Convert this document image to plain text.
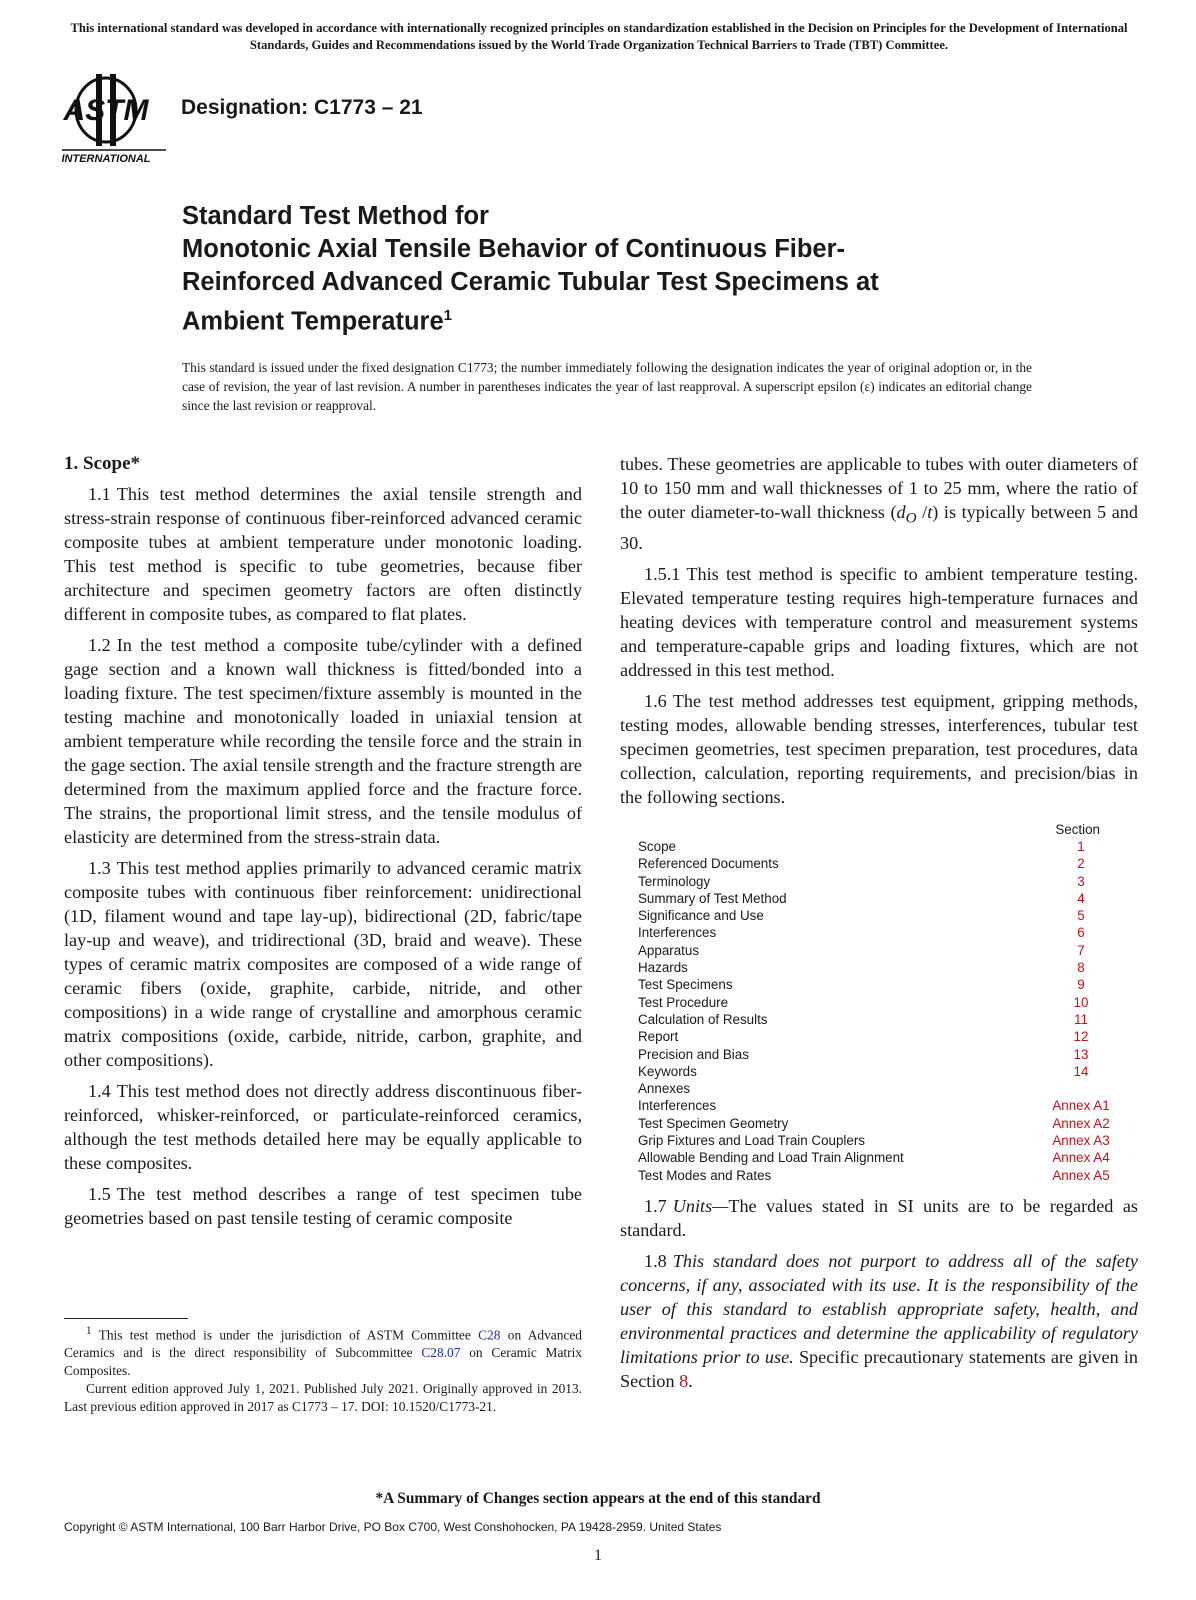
This international standard was developed in accordance with internationally recognized principles on standardization established in the Decision on Principles for the Development of International Standards, Guides and Recommendations issued by the World Trade Organization Technical Barriers to Trade (TBT) Committee.
ASTM
INTERNATIONAL
Designation: C1773 – 21
Standard Test Method for
Monotonic Axial Tensile Behavior of Continuous Fiber-
Reinforced Advanced Ceramic Tubular Test Specimens at
Ambient Temperature$^1$
This standard is issued under the fixed designation C1773; the number immediately following the designation indicates the year of original adoption or, in the case of revision, the year of last revision. A number in parentheses indicates the year of last reapproval. A superscript epsilon (ε) indicates an editorial change since the last revision or reapproval.
1. Scope*

1.1 This test method determines the axial tensile strength and stress-strain response of continuous fiber-reinforced advanced ceramic composite tubes at ambient temperature under monotonic loading. This test method is specific to tube geometries, because fiber architecture and specimen geometry factors are often distinctly different in composite tubes, as compared to flat plates.

1.2 In the test method a composite tube/cylinder with a defined gage section and a known wall thickness is fitted/bonded into a loading fixture. The test specimen/fixture assembly is mounted in the testing machine and monotonically loaded in uniaxial tension at ambient temperature while recording the tensile force and the strain in the gage section. The axial tensile strength and the fracture strength are determined from the maximum applied force and the fracture force. The strains, the proportional limit stress, and the tensile modulus of elasticity are determined from the stress-strain data.

1.3 This test method applies primarily to advanced ceramic matrix composite tubes with continuous fiber reinforcement: unidirectional (1D, filament wound and tape lay-up), bidirectional (2D, fabric/tape lay-up and weave), and tridirectional (3D, braid and weave). These types of ceramic matrix composites are composed of a wide range of ceramic fibers (oxide, graphite, carbide, nitride, and other compositions) in a wide range of crystalline and amorphous ceramic matrix compositions (oxide, carbide, nitride, carbon, graphite, and other compositions).

1.4 This test method does not directly address discontinuous fiber-reinforced, whisker-reinforced, or particulate-reinforced ceramics, although the test methods detailed here may be equally applicable to these composites.

1.5 The test method describes a range of test specimen tube geometries based on past tensile testing of ceramic composite

$^1$ This test method is under the jurisdiction of ASTM Committee C28 on Advanced Ceramics and is the direct responsibility of Subcommittee C28.07 on Ceramic Matrix Composites.

Current edition approved July 1, 2021. Published July 2021. Originally approved in 2013. Last previous edition approved in 2017 as C1773 – 17. DOI: 10.1520/C1773-21.

tubes. These geometries are applicable to tubes with outer diameters of 10 to 150 mm and wall thicknesses of 1 to 25 mm, where the ratio of the outer diameter-to-wall thickness ($d_O$ /t) is typically between 5 and 30.

1.5.1 This test method is specific to ambient temperature testing. Elevated temperature testing requires high-temperature furnaces and heating devices with temperature control and measurement systems and temperature-capable grips and loading fixtures, which are not addressed in this test method.

1.6 The test method addresses test equipment, gripping methods, testing modes, allowable bending stresses, interferences, tubular test specimen geometries, test specimen preparation, test procedures, data collection, calculation, reporting requirements, and precision/bias in the following sections.

Section
Scope	1
Referenced Documents	2
Terminology	3
Summary of Test Method	4
Significance and Use	5
Interferences	6
Apparatus	7
Hazards	8
Test Specimens	9
Test Procedure	10
Calculation of Results	11
Report	12
Precision and Bias	13
Keywords	14
Annexes
Interferences	Annex A1
Test Specimen Geometry	Annex A2
Grip Fixtures and Load Train Couplers	Annex A3
Allowable Bending and Load Train Alignment	Annex A4
Test Modes and Rates	Annex A5

1.7 Units—The values stated in SI units are to be regarded as standard.

1.8 This standard does not purport to address all of the safety concerns, if any, associated with its use. It is the responsibility of the user of this standard to establish appropriate safety, health, and environmental practices and determine the applicability of regulatory limitations prior to use. Specific precautionary statements are given in Section 8.

*A Summary of Changes section appears at the end of this standard
Copyright © ASTM International, 100 Barr Harbor Drive, PO Box C700, West Conshohocken, PA 19428-2959. United States
1
